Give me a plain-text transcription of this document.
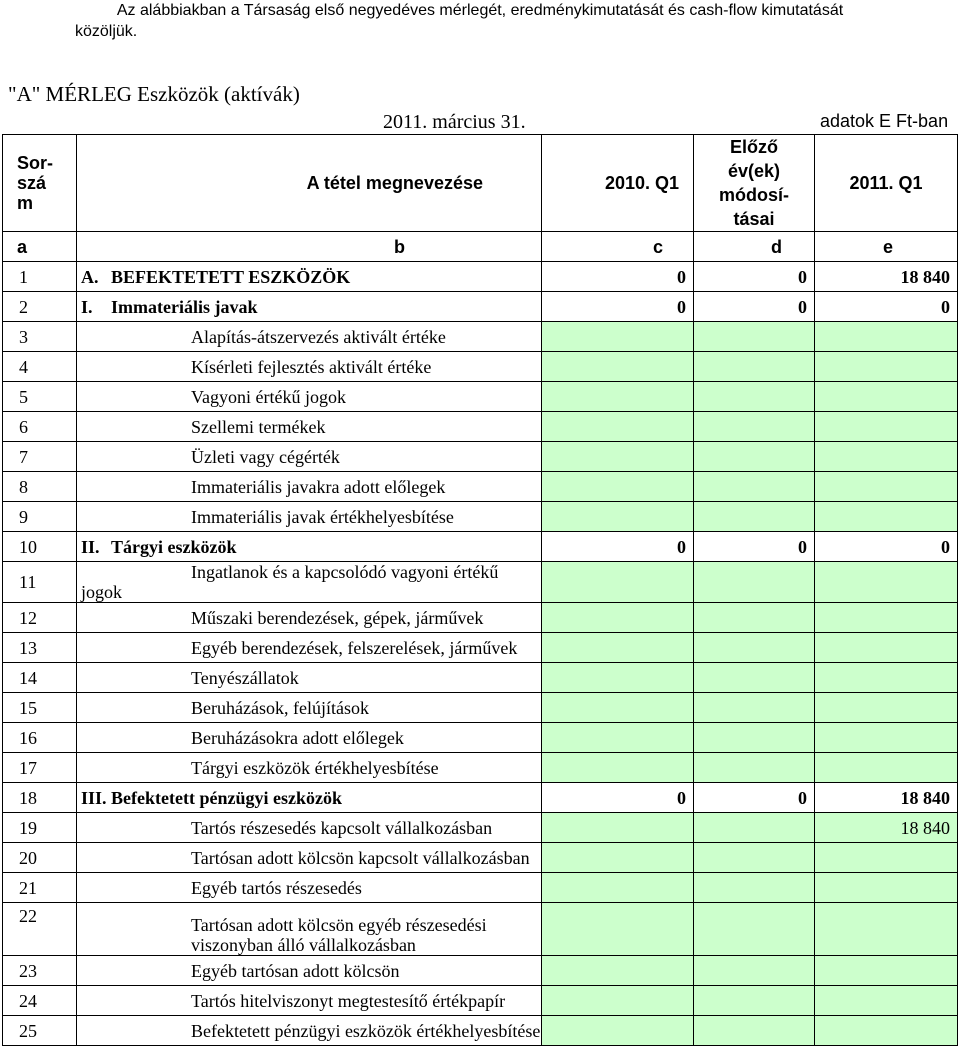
Az alábbiakban a Társaság első negyedéves mérlegét, eredménykimutatását és cash-flow kimutatását
közöljük.
"A" MÉRLEG Eszközök (aktívák)
2011. március 31.	adatok E Ft-ban
Sor-szám	A tétel megnevezése	2010. Q1	Előző év(ek) módosí-tásai	2011. Q1
a	b	c	d	e
1	A. BEFEKTETETT ESZKÖZÖK	0	0	18 840
2	I. Immateriális javak	0	0	0
3	Alapítás-átszervezés aktivált értéke			
4	Kísérleti fejlesztés aktivált értéke			
5	Vagyoni értékű jogok			
6	Szellemi termékek			
7	Üzleti vagy cégérték			
8	Immateriális javakra adott előlegek			
9	Immateriális javak értékhelyesbítése			
10	II. Tárgyi eszközök	0	0	0
11	Ingatlanok és a kapcsolódó vagyoni értékű jogok			
12	Műszaki berendezések, gépek, járművek			
13	Egyéb berendezések, felszerelések, járművek			
14	Tenyészállatok			
15	Beruházások, felújítások			
16	Beruházásokra adott előlegek			
17	Tárgyi eszközök értékhelyesbítése			
18	III. Befektetett pénzügyi eszközök	0	0	18 840
19	Tartós részesedés kapcsolt vállalkozásban			18 840
20	Tartósan adott kölcsön kapcsolt vállalkozásban			
21	Egyéb tartós részesedés			
22	Tartósan adott kölcsön egyéb részesedési
viszonyban álló vállalkozásban			

23	Egyéb tartósan adott kölcsön			
24	Tartós hitelviszonyt megtestesítő értékpapír			
25	Befektetett pénzügyi eszközök értékhelyesbítése			
